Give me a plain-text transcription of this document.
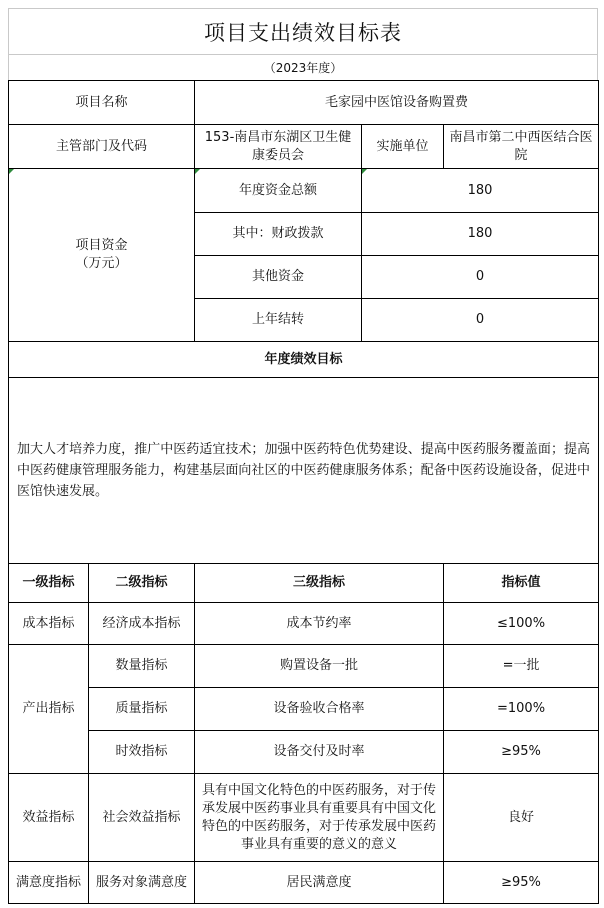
项目支出绩效目标表
（2023年度）
项目名称		毛家园中医馆设备购置费		
主管部门及代码		153-南昌市东湖区卫生健康委员会	实施单位	南昌市第二中西医结合医院
项目资金
（万元）		年度资金总额	180	
		其中：财政拨款	180	
		其他资金	0	
		上年结转	0	
年度绩效目标				
加大人才培养力度，推广中医药适宜技术；加强中医药特色优势建设、提高中医药服务覆盖面；提高中医药健康管理服务能力，构建基层面向社区的中医药健康服务体系；配备中医药设施设备，促进中医馆快速发展。				
一级指标	二级指标	三级指标		指标值
成本指标	经济成本指标	成本节约率		≤100%
产出指标	数量指标	购置设备一批		=一批
	质量指标	设备验收合格率		=100%
	时效指标	设备交付及时率		≥95%
效益指标	社会效益指标	具有中国文化特色的中医药服务，对于传承发展中医药事业具有重要具有中国文化特色的中医药服务，对于传承发展中医药事业具有重要的意义的意义		良好
满意度指标	服务对象满意度	居民满意度		≥95%
